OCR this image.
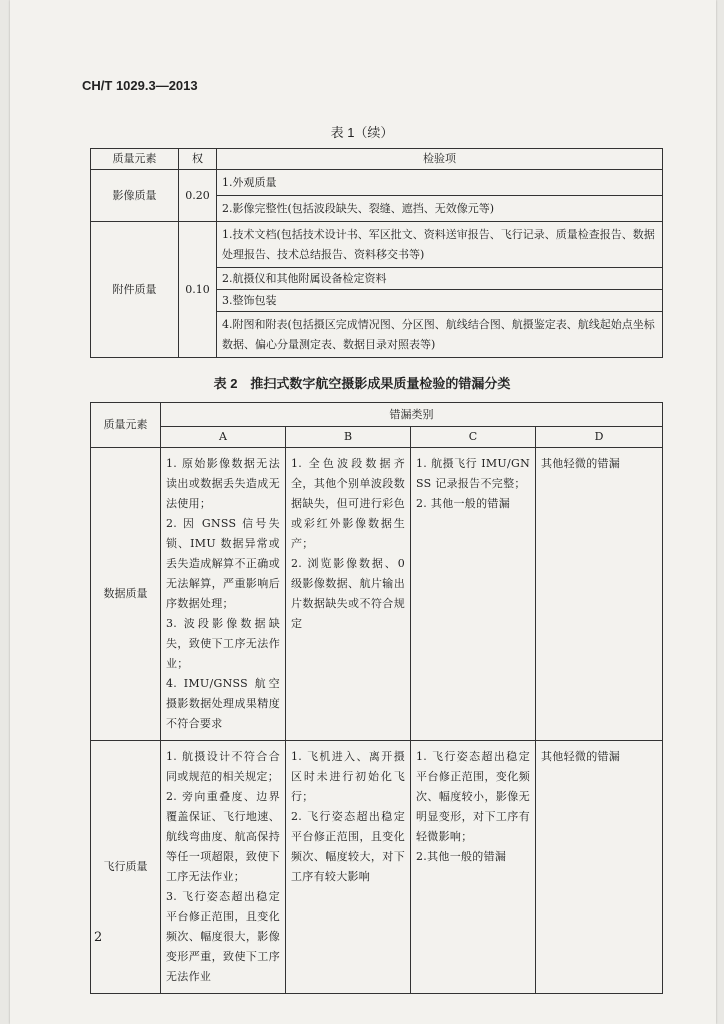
CH/T 1029.3—2013
表 1（续）
质量元素	权	检验项
影像质量	0.20	1.外观质量
		2.影像完整性(包括波段缺失、裂缝、遮挡、无效像元等)
附件质量	0.10	1.技术文档(包括技术设计书、军区批文、资料送审报告、飞行记录、质量检查报告、数据处理报告、技术总结报告、资料移交书等)
		2.航摄仪和其他附属设备检定资料
		3.整饰包装
		4.附图和附表(包括摄区完成情况图、分区图、航线结合图、航摄鉴定表、航线起始点坐标数据、偏心分量测定表、数据目录对照表等)
表 2　推扫式数字航空摄影成果质量检验的错漏分类
质量元素	错漏类别			
	A	B	C	D
数据质量	1. 原始影像数据无法读出或数据丢失造成无法使用；
2. 因 GNSS 信号失锁、IMU 数据异常或丢失造成解算不正确或无法解算，严重影响后序数据处理；
3. 波段影像数据缺失，致使下工序无法作业；
4. IMU/GNSS 航空摄影数据处理成果精度不符合要求	1. 全色波段数据齐全，其他个别单波段数据缺失，但可进行彩色或彩红外影像数据生产；
2. 浏览影像数据、0 级影像数据、航片输出片数据缺失或不符合规定	1. 航摄飞行 IMU/GNSS 记录报告不完整；
2. 其他一般的错漏	其他轻微的错漏

飞行质量	1. 航摄设计不符合合同或规范的相关规定；
2. 旁向重叠度、边界覆盖保证、飞行地速、航线弯曲度、航高保持等任一项超限，致使下工序无法作业；
3. 飞行姿态超出稳定平台修正范围，且变化频次、幅度很大，影像变形严重，致使下工序无法作业	1. 飞机进入、离开摄区时未进行初始化飞行；
2. 飞行姿态超出稳定平台修正范围，且变化频次、幅度较大，对下工序有较大影响	1. 飞行姿态超出稳定平台修正范围，变化频次、幅度较小，影像无明显变形，对下工序有轻微影响；
2.其他一般的错漏	其他轻微的错漏
2
